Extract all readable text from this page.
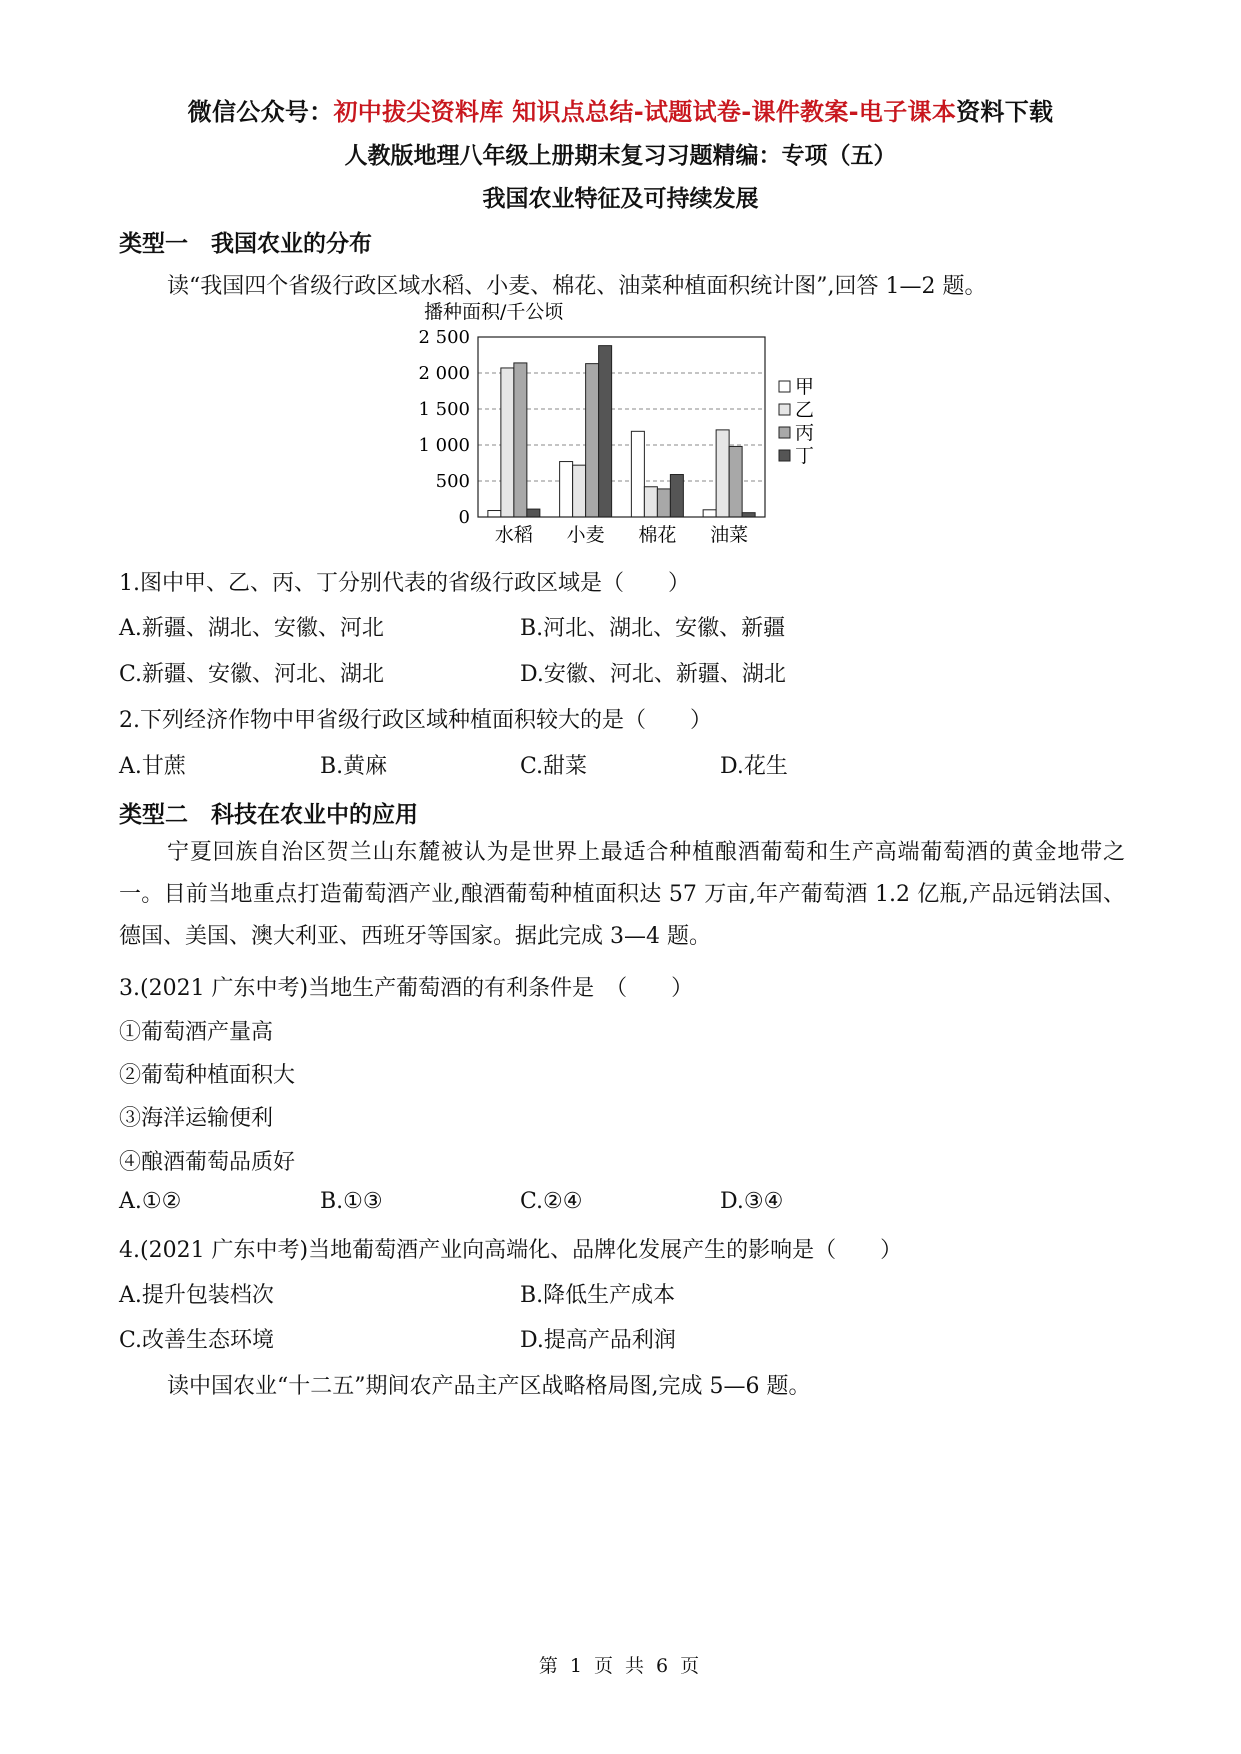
微信公众号：初中拔尖资料库 知识点总结-试题试卷-课件教案-电子课本资料下载
人教版地理八年级上册期末复习习题精编：专项（五）
我国农业特征及可持续发展
类型一　我国农业的分布
读“我国四个省级行政区域水稻、小麦、棉花、油菜种植面积统计图”,回答 1—2 题。
播种面积/千公顷
0
500
1 000
1 500
2 000
2 500
水稻 小麦 棉花 油菜
甲
乙
丙
丁
1.图中甲、乙、丙、丁分别代表的省级行政区域是（　　）
A.新疆、湖北、安徽、河北	B.河北、湖北、安徽、新疆
C.新疆、安徽、河北、湖北	D.安徽、河北、新疆、湖北
2.下列经济作物中甲省级行政区域种植面积较大的是（　　）
A.甘蔗	B.黄麻	C.甜菜	D.花生
类型二　科技在农业中的应用
宁夏回族自治区贺兰山东麓被认为是世界上最适合种植酿酒葡萄和生产高端葡萄酒的黄金地带之一。目前当地重点打造葡萄酒产业,酿酒葡萄种植面积达 57 万亩,年产葡萄酒 1.2 亿瓶,产品远销法国、德国、美国、澳大利亚、西班牙等国家。据此完成 3—4 题。
3.(2021 广东中考)当地生产葡萄酒的有利条件是　（　　）
①葡萄酒产量高
②葡萄种植面积大
③海洋运输便利
④酿酒葡萄品质好
A.①②	B.①③	C.②④	D.③④
4.(2021 广东中考)当地葡萄酒产业向高端化、品牌化发展产生的影响是（　　）
A.提升包装档次	B.降低生产成本
C.改善生态环境	D.提高产品利润
读中国农业“十二五”期间农产品主产区战略格局图,完成 5—6 题。
第 1 页 共 6 页
